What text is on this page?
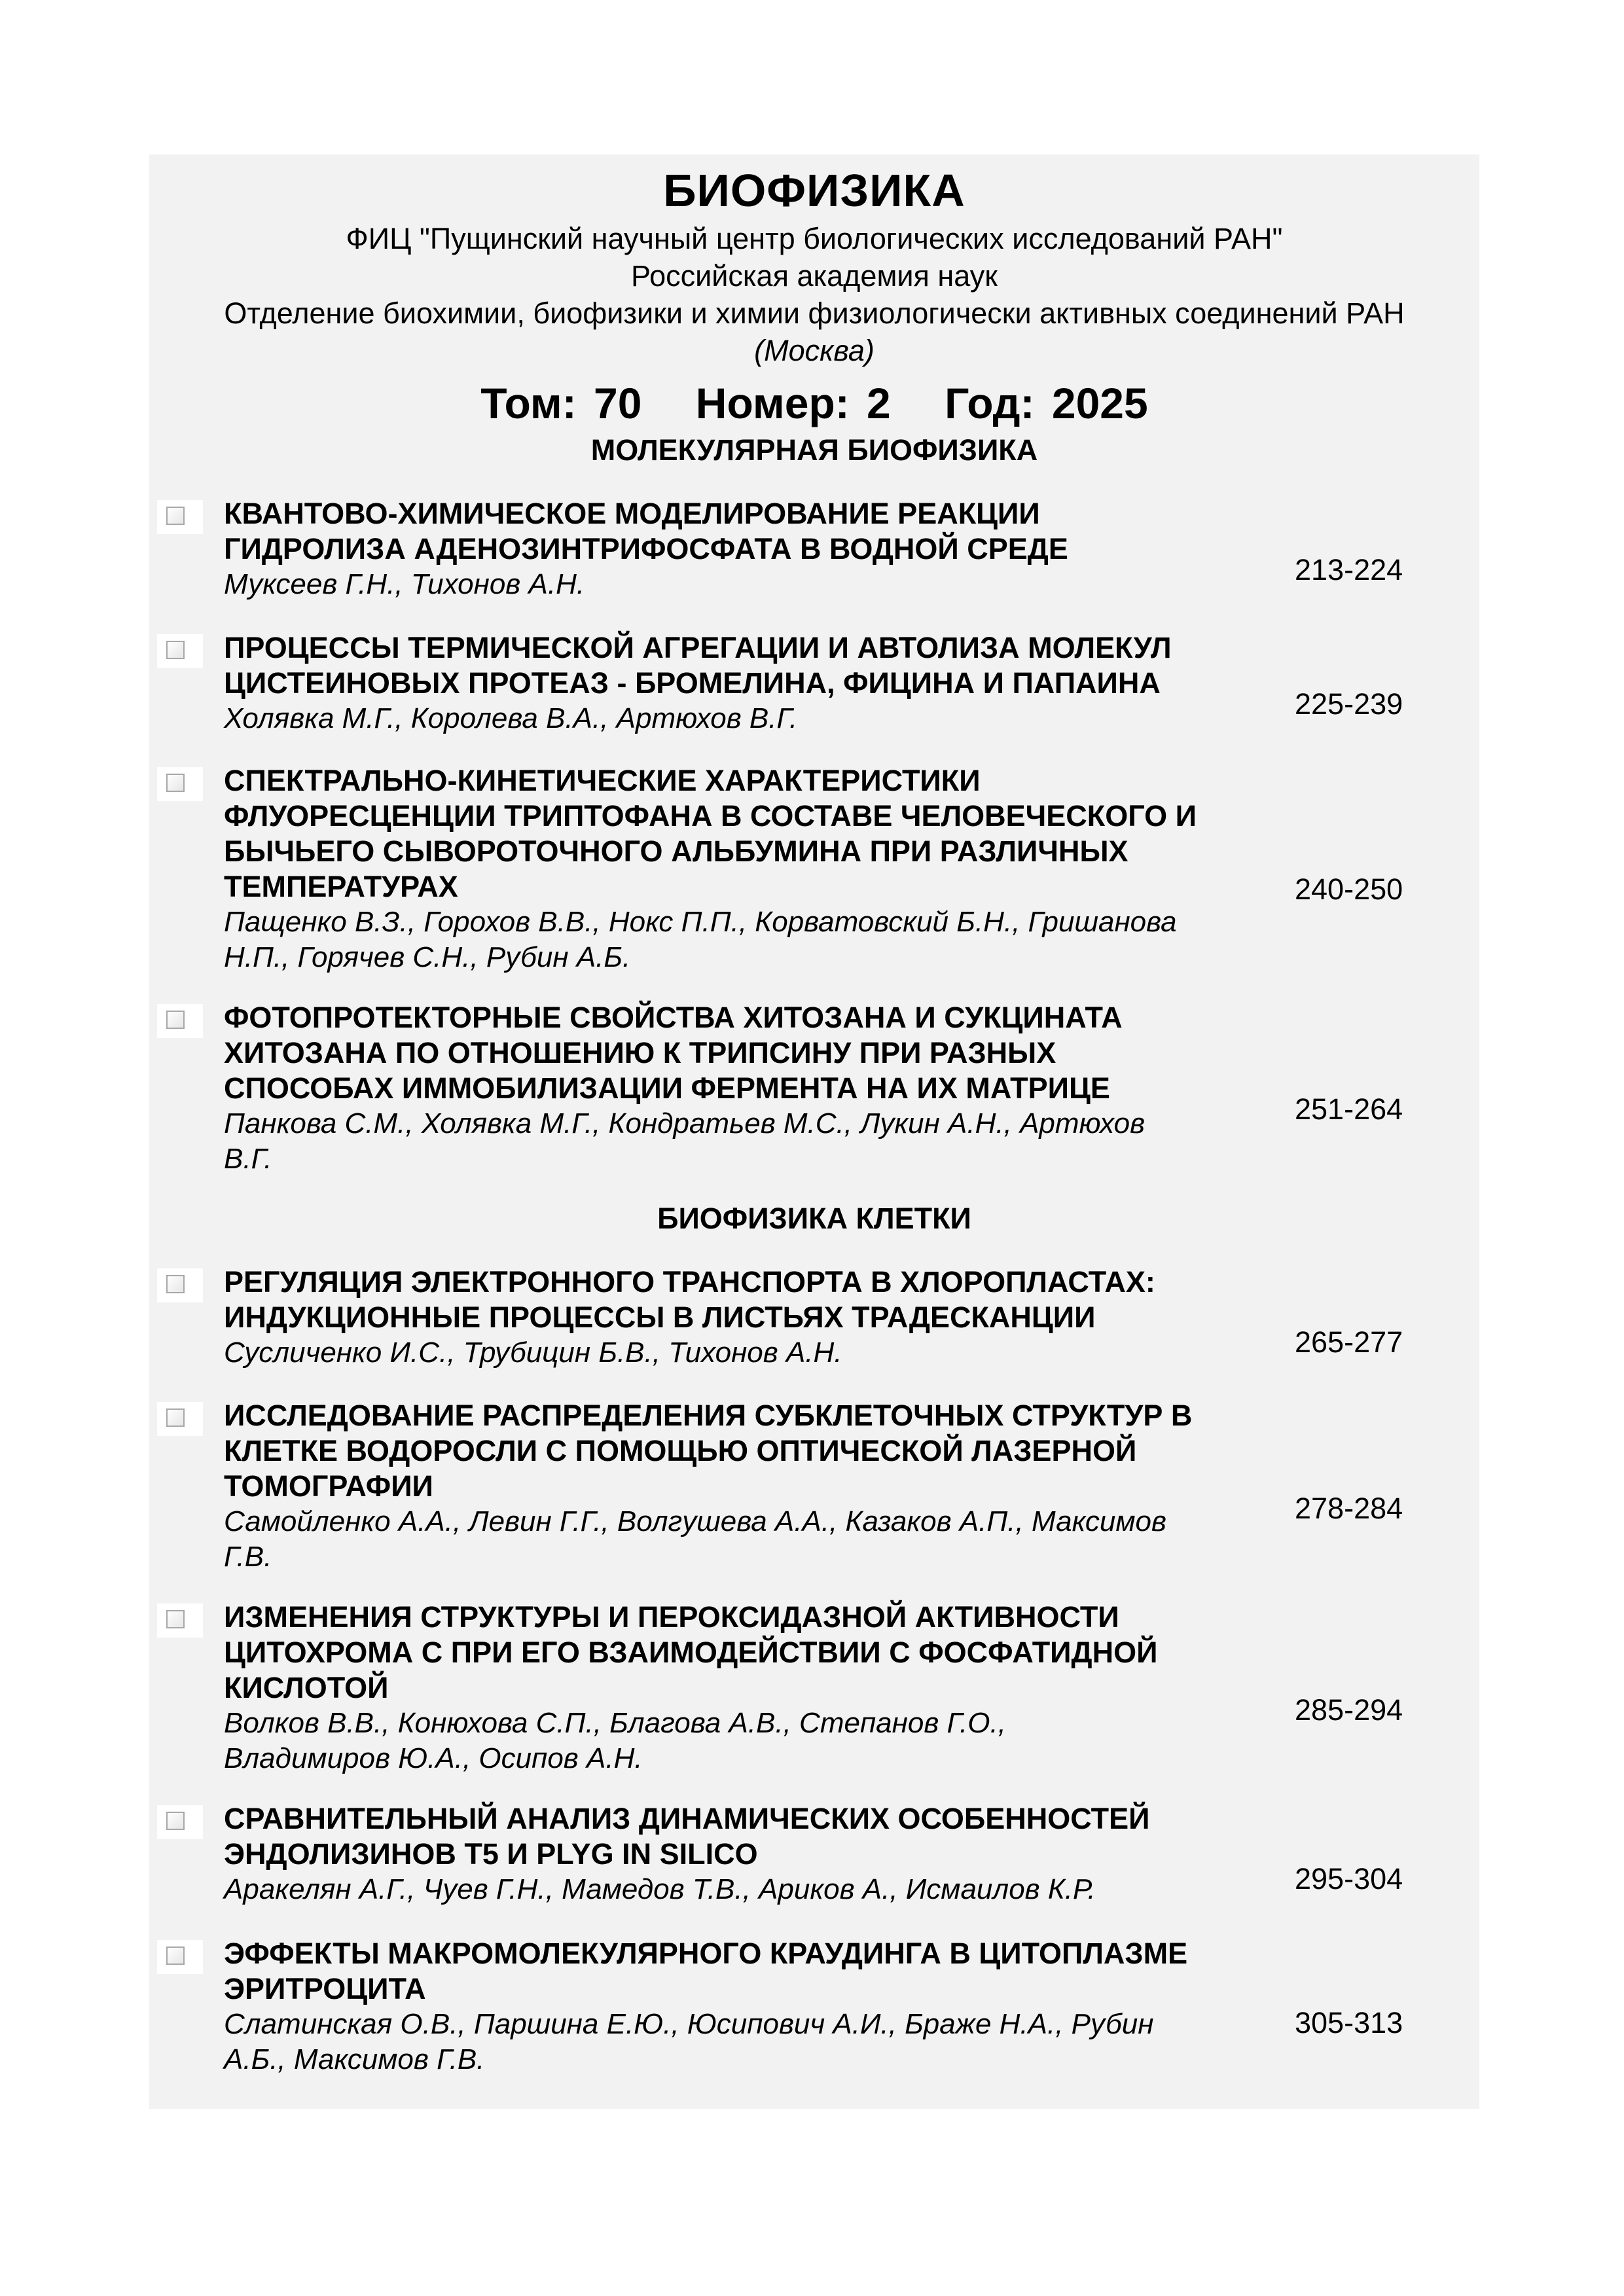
БИОФИЗИКА
ФИЦ "Пущинский научный центр биологических исследований РАН"
Российская академия наук
Отделение биохимии, биофизики и химии физиологически активных соединений РАН
(Москва)
Том: 70 Номер: 2 Год: 2025
МОЛЕКУЛЯРНАЯ БИОФИЗИКА
КВАНТОВО-ХИМИЧЕСКОЕ МОДЕЛИРОВАНИЕ РЕАКЦИИ
ГИДРОЛИЗА АДЕНОЗИНТРИФОСФАТА В ВОДНОЙ СРЕДЕ
Муксеев Г.Н., Тихонов А.Н.	213-224
ПРОЦЕССЫ ТЕРМИЧЕСКОЙ АГРЕГАЦИИ И АВТОЛИЗА МОЛЕКУЛ
ЦИСТЕИНОВЫХ ПРОТЕАЗ - БРОМЕЛИНА, ФИЦИНА И ПАПАИНА
Холявка М.Г., Королева В.А., Артюхов В.Г.	225-239
СПЕКТРАЛЬНО-КИНЕТИЧЕСКИЕ ХАРАКТЕРИСТИКИ
ФЛУОРЕСЦЕНЦИИ ТРИПТОФАНА В СОСТАВЕ ЧЕЛОВЕЧЕСКОГО И
БЫЧЬЕГО СЫВОРОТОЧНОГО АЛЬБУМИНА ПРИ РАЗЛИЧНЫХ
ТЕМПЕРАТУРАХ
Пащенко В.З., Горохов В.В., Нокс П.П., Корватовский Б.Н., Гришанова
Н.П., Горячев С.Н., Рубин А.Б.
240-250
ФОТОПРОТЕКТОРНЫЕ СВОЙСТВА ХИТОЗАНА И СУКЦИНАТА
ХИТОЗАНА ПО ОТНОШЕНИЮ К ТРИПСИНУ ПРИ РАЗНЫХ
СПОСОБАХ ИММОБИЛИЗАЦИИ ФЕРМЕНТА НА ИХ МАТРИЦЕ
Панкова С.М., Холявка М.Г., Кондратьев М.С., Лукин А.Н., Артюхов
В.Г.
251-264
БИОФИЗИКА КЛЕТКИ
РЕГУЛЯЦИЯ ЭЛЕКТРОННОГО ТРАНСПОРТА В ХЛОРОПЛАСТАХ:
ИНДУКЦИОННЫЕ ПРОЦЕССЫ В ЛИСТЬЯХ ТРАДЕСКАНЦИИ
Сусличенко И.С., Трубицин Б.В., Тихонов А.Н.	265-277
ИССЛЕДОВАНИЕ РАСПРЕДЕЛЕНИЯ СУБКЛЕТОЧНЫХ СТРУКТУР В
КЛЕТКЕ ВОДОРОСЛИ С ПОМОЩЬЮ ОПТИЧЕСКОЙ ЛАЗЕРНОЙ
ТОМОГРАФИИ
Самойленко А.А., Левин Г.Г., Волгушева А.А., Казаков А.П., Максимов
Г.В.
278-284
ИЗМЕНЕНИЯ СТРУКТУРЫ И ПЕРОКСИДАЗНОЙ АКТИВНОСТИ
ЦИТОХРОМА С ПРИ ЕГО ВЗАИМОДЕЙСТВИИ С ФОСФАТИДНОЙ
КИСЛОТОЙ
Волков В.В., Конюхова С.П., Благова А.В., Степанов Г.О.,
Владимиров Ю.А., Осипов А.Н.
285-294
СРАВНИТЕЛЬНЫЙ АНАЛИЗ ДИНАМИЧЕСКИХ ОСОБЕННОСТЕЙ
ЭНДОЛИЗИНОВ T5 И PLYG IN SILICO
Аракелян А.Г., Чуев Г.Н., Мамедов Т.В., Ариков А., Исмаилов К.Р.	295-304
ЭФФЕКТЫ МАКРОМОЛЕКУЛЯРНОГО КРАУДИНГА В ЦИТОПЛАЗМЕ
ЭРИТРОЦИТА
Слатинская О.В., Паршина Е.Ю., Юсипович А.И., Браже Н.А., Рубин
А.Б., Максимов Г.В.
305-313
